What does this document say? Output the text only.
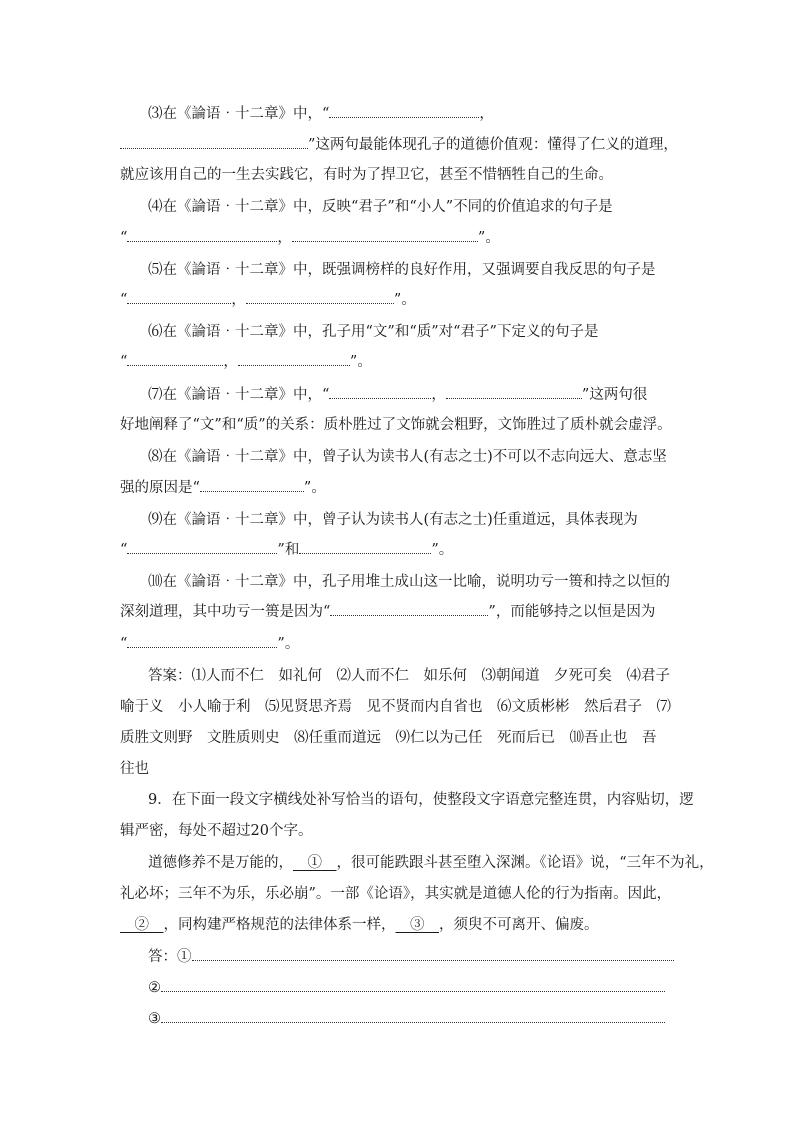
⑶在《論语‧十二章》中，“	，
”这两句最能体现孔子的道德价值观：懂得了仁义的道理，
就应该用自己的一生去实践它，有时为了捍卫它，甚至不惜牺牲自己的生命。
⑷在《論语‧十二章》中，反映“君子”和“小人”不同的价值追求的句子是
“	，	”。
⑸在《論语‧十二章》中，既强调榜样的良好作用，又强调要自我反思的句子是
“	，	”。
⑹在《論语‧十二章》中，孔子用“文”和“质”对“君子”下定义的句子是
“	，	”。
⑺在《論语‧十二章》中，“	，	”这两句很
好地阐释了“文”和“质”的关系：质朴胜过了文饰就会粗野，文饰胜过了质朴就会虚浮。
⑻在《論语‧十二章》中，曾子认为读书人(有志之士)不可以不志向远大、意志坚
强的原因是“	”。
⑼在《論语‧十二章》中，曾子认为读书人(有志之士)任重道远，具体表现为
“	”和	”。
⑽在《論语‧十二章》中，孔子用堆土成山这一比喻，说明功亏一篑和持之以恒的
深刻道理，其中功亏一篑是因为“	”，而能够持之以恒是因为
“	”。
答案：⑴人而不仁　如礼何　⑵人而不仁　如乐何　⑶朝闻道　夕死可矣　⑷君子
喻于义　小人喻于利　⑸见贤思齐焉　见不贤而内自省也　⑹文质彬彬　然后君子　⑺
质胜文则野　文胜质则史　⑻任重而道远　⑼仁以为己任　死而后已　⑽吾止也　吾
往也
9．在下面一段文字横线处补写恰当的语句，使整段文字语意完整连贯，内容贴切，逻
辑严密，每处不超过20个字。
道德修养不是万能的，__①__，很可能跌跟斗甚至堕入深渊。《论语》说，“三年不为礼，
礼必坏；三年不为乐，乐必崩”。一部《论语》，其实就是道德人伦的行为指南。因此，
__②__，同构建严格规范的法律体系一样，__③__，须臾不可离开、偏废。
答：①
②
③
